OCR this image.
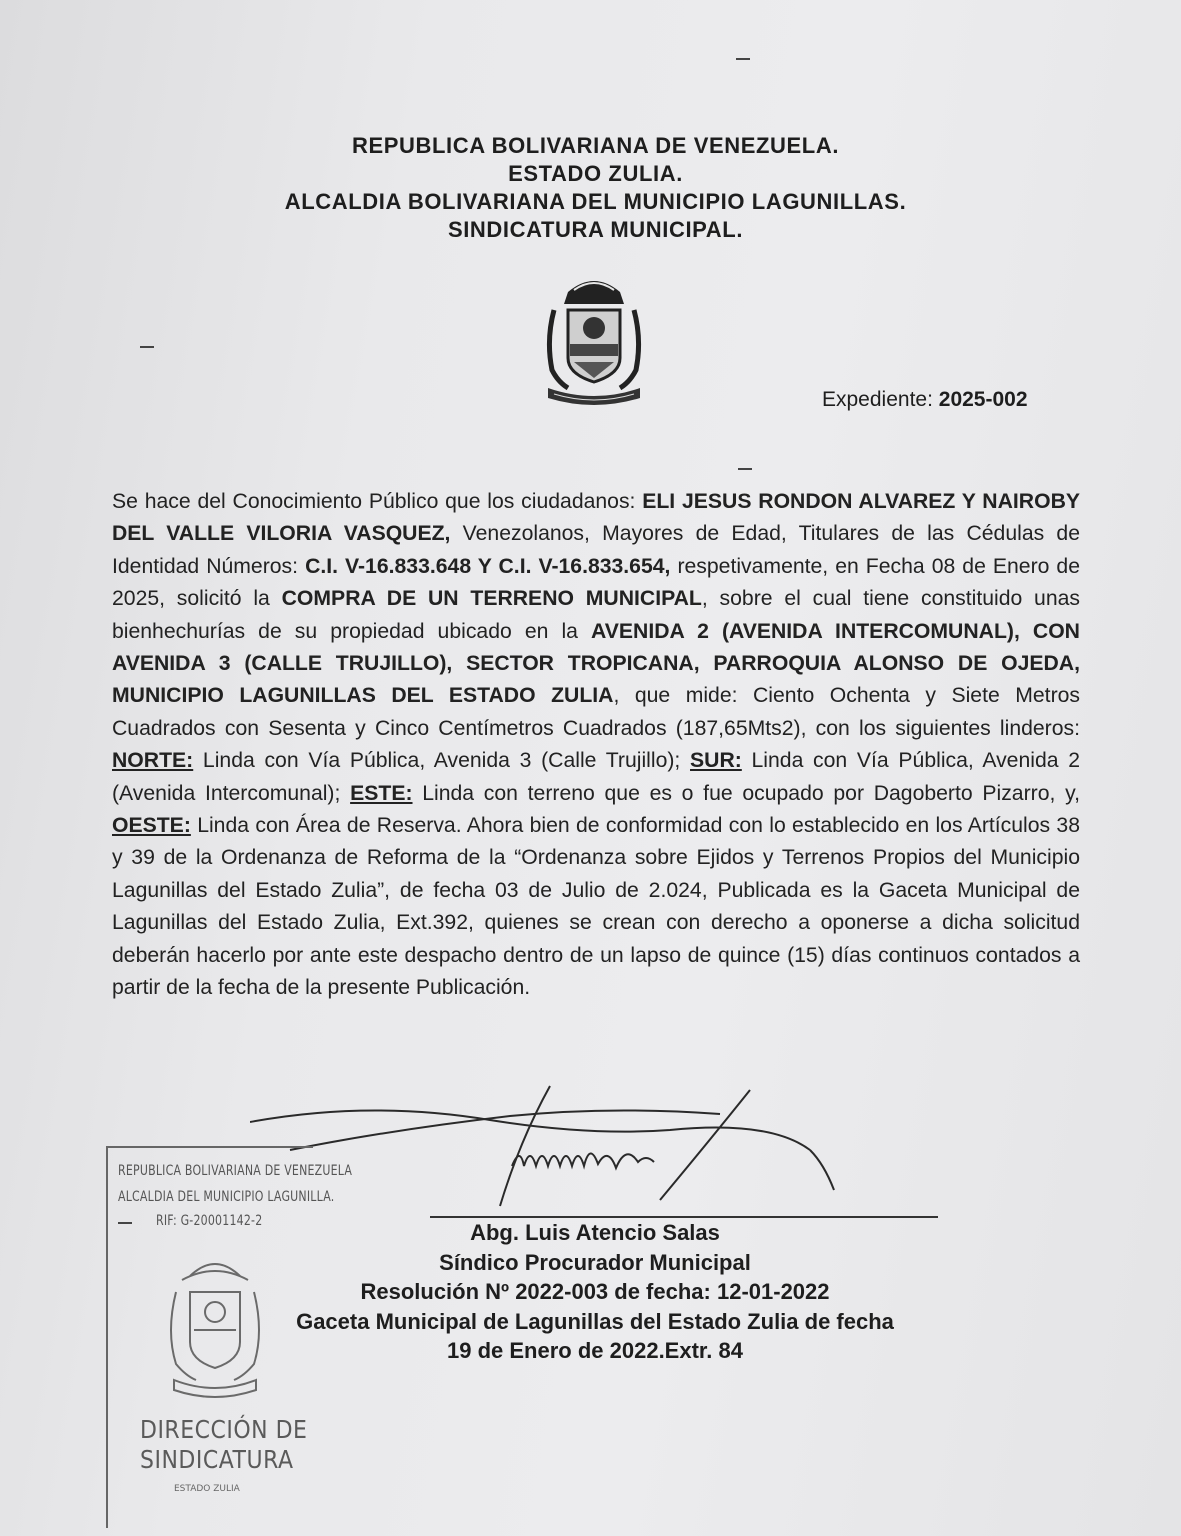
REPUBLICA BOLIVARIANA DE VENEZUELA.
ESTADO ZULIA.
ALCALDIA BOLIVARIANA DEL MUNICIPIO LAGUNILLAS.
SINDICATURA MUNICIPAL.
Expediente: 2025-002
Se hace del Conocimiento Público que los ciudadanos: ELI JESUS RONDON ALVAREZ Y NAIROBY DEL VALLE VILORIA VASQUEZ, Venezolanos, Mayores de Edad, Titulares de las Cédulas de Identidad Números: C.I. V-16.833.648 Y C.I. V-16.833.654, respetivamente, en Fecha 08 de Enero de 2025, solicitó la COMPRA DE UN TERRENO MUNICIPAL, sobre el cual tiene constituido unas bienhechurías de su propiedad ubicado en la AVENIDA 2 (AVENIDA INTERCOMUNAL), CON AVENIDA 3 (CALLE TRUJILLO), SECTOR TROPICANA, PARROQUIA ALONSO DE OJEDA, MUNICIPIO LAGUNILLAS DEL ESTADO ZULIA, que mide: Ciento Ochenta y Siete Metros Cuadrados con Sesenta y Cinco Centímetros Cuadrados (187,65Mts2), con los siguientes linderos: NORTE: Linda con Vía Pública, Avenida 3 (Calle Trujillo); SUR: Linda con Vía Pública, Avenida 2 (Avenida Intercomunal); ESTE: Linda con terreno que es o fue ocupado por Dagoberto Pizarro, y, OESTE: Linda con Área de Reserva. Ahora bien de conformidad con lo establecido en los Artículos 38 y 39 de la Ordenanza de Reforma de la “Ordenanza sobre Ejidos y Terrenos Propios del Municipio Lagunillas del Estado Zulia”, de fecha 03 de Julio de 2.024, Publicada es la Gaceta Municipal de Lagunillas del Estado Zulia, Ext.392, quienes se crean con derecho a oponerse a dicha solicitud deberán hacerlo por ante este despacho dentro de un lapso de quince (15) días continuos contados a partir de la fecha de la presente Publicación.
Abg. Luis Atencio Salas
Síndico Procurador Municipal
Resolución Nº 2022-003 de fecha: 12-01-2022
Gaceta Municipal de Lagunillas del Estado Zulia de fecha
19 de Enero de 2022.Extr. 84
REPUBLICA BOLIVARIANA DE VENEZUELA
ALCALDIA DEL MUNICIPIO LAGUNILLA.
RIF: G-20001142-2
DIRECCIÓN DE
SINDICATURA
ESTADO ZULIA
